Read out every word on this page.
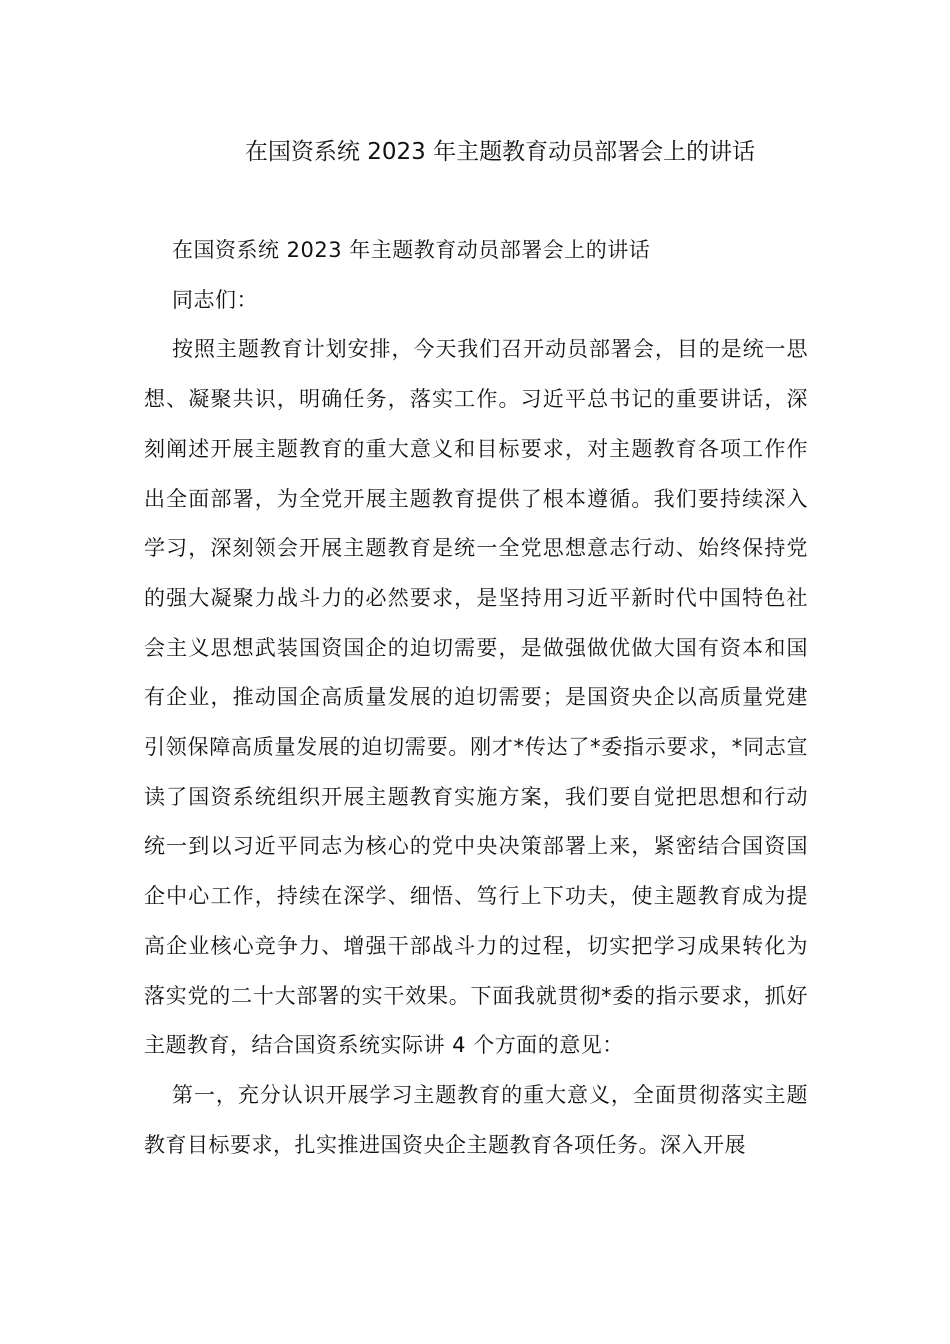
在国资系统 2023 年主题教育动员部署会上的讲话

在国资系统 2023 年主题教育动员部署会上的讲话

同志们：

按照主题教育计划安排，今天我们召开动员部署会，目的是统一思想、凝聚共识，明确任务，落实工作。习近平总书记的重要讲话，深刻阐述开展主题教育的重大意义和目标要求，对主题教育各项工作作出全面部署，为全党开展主题教育提供了根本遵循。我们要持续深入学习，深刻领会开展主题教育是统一全党思想意志行动、始终保持党的强大凝聚力战斗力的必然要求，是坚持用习近平新时代中国特色社会主义思想武装国资国企的迫切需要，是做强做优做大国有资本和国有企业，推动国企高质量发展的迫切需要；是国资央企以高质量党建引领保障高质量发展的迫切需要。刚才*传达了*委指示要求，*同志宣读了国资系统组织开展主题教育实施方案，我们要自觉把思想和行动统一到以习近平同志为核心的党中央决策部署上来，紧密结合国资国企中心工作，持续在深学、细悟、笃行上下功夫，使主题教育成为提高企业核心竞争力、增强干部战斗力的过程，切实把学习成果转化为落实党的二十大部署的实干效果。下面我就贯彻*委的指示要求，抓好主题教育，结合国资系统实际讲 4 个方面的意见：

第一，充分认识开展学习主题教育的重大意义，全面贯彻落实主题教育目标要求，扎实推进国资央企主题教育各项任务。深入开展
